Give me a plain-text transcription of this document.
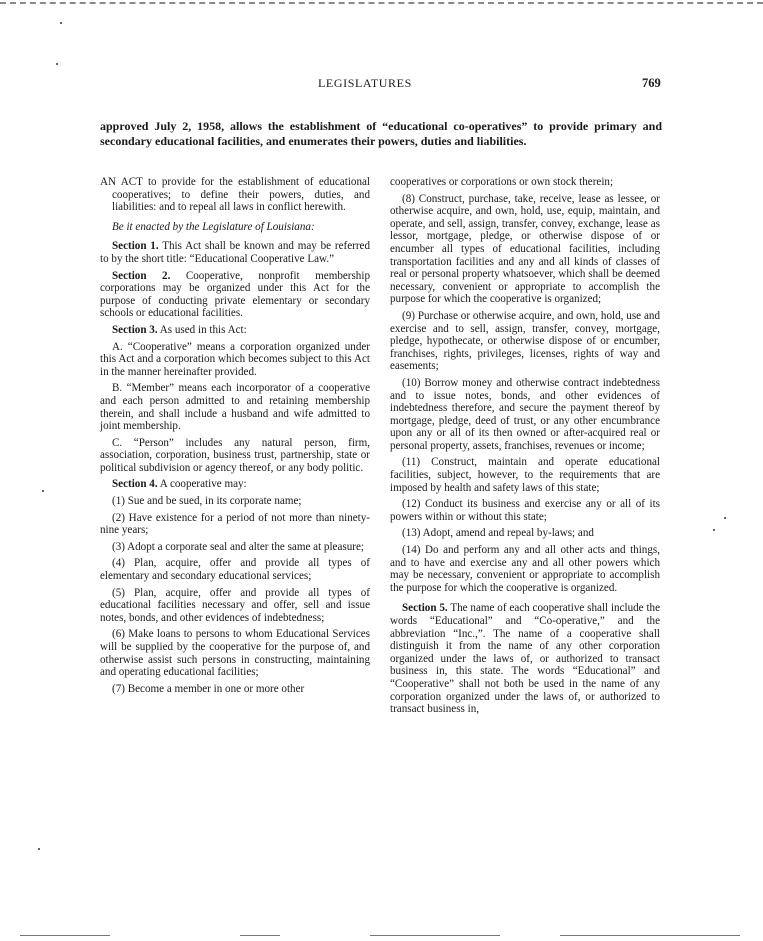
LEGISLATURES	769
approved July 2, 1958, allows the establishment of “educational co-operatives” to provide primary and secondary educational facilities, and enumerates their powers, duties and liabilities.

AN ACT to provide for the establishment of educational cooperatives; to define their powers, duties, and liabilities: and to repeal all laws in conflict herewith.

Be it enacted by the Legislature of Louisiana:

Section 1. This Act shall be known and may be referred to by the short title: “Educational Cooperative Law.”

Section 2. Cooperative, nonprofit membership corporations may be organized under this Act for the purpose of conducting private elementary or secondary schools or educational facilities.

Section 3. As used in this Act:

A. “Cooperative” means a corporation organized under this Act and a corporation which becomes subject to this Act in the manner hereinafter provided.

B. “Member” means each incorporator of a cooperative and each person admitted to and retaining membership therein, and shall include a husband and wife admitted to joint membership.

C. “Person” includes any natural person, firm, association, corporation, business trust, partnership, state or political subdivision or agency thereof, or any body politic.

Section 4. A cooperative may:

(1) Sue and be sued, in its corporate name;

(2) Have existence for a period of not more than ninety-nine years;

(3) Adopt a corporate seal and alter the same at pleasure;

(4) Plan, acquire, offer and provide all types of elementary and secondary educational services;

(5) Plan, acquire, offer and provide all types of educational facilities necessary and offer, sell and issue notes, bonds, and other evidences of indebtedness;

(6) Make loans to persons to whom Educational Services will be supplied by the cooperative for the purpose of, and otherwise assist such persons in constructing, maintaining and operating educational facilities;

(7) Become a member in one or more other

cooperatives or corporations or own stock therein;

(8) Construct, purchase, take, receive, lease as lessee, or otherwise acquire, and own, hold, use, equip, maintain, and operate, and sell, assign, transfer, convey, exchange, lease as lessor, mortgage, pledge, or otherwise dispose of or encumber all types of educational facilities, including transportation facilities and any and all kinds of classes of real or personal property whatsoever, which shall be deemed necessary, convenient or appropriate to accomplish the purpose for which the cooperative is organized;

(9) Purchase or otherwise acquire, and own, hold, use and exercise and to sell, assign, transfer, convey, mortgage, pledge, hypothecate, or otherwise dispose of or encumber, franchises, rights, privileges, licenses, rights of way and easements;

(10) Borrow money and otherwise contract indebtedness and to issue notes, bonds, and other evidences of indebtedness therefore, and secure the payment thereof by mortgage, pledge, deed of trust, or any other encumbrance upon any or all of its then owned or after-acquired real or personal property, assets, franchises, revenues or income;

(11) Construct, maintain and operate educational facilities, subject, however, to the requirements that are imposed by health and safety laws of this state;

(12) Conduct its business and exercise any or all of its powers within or without this state;

(13) Adopt, amend and repeal by-laws; and

(14) Do and perform any and all other acts and things, and to have and exercise any and all other powers which may be necessary, convenient or appropriate to accomplish the purpose for which the cooperative is organized.

Section 5. The name of each cooperative shall include the words “Educational” and “Co-operative,” and the abbreviation “Inc.,”. The name of a cooperative shall distinguish it from the name of any other corporation organized under the laws of, or authorized to transact business in, this state. The words “Educational” and “Cooperative” shall not both be used in the name of any corporation organized under the laws of, or authorized to transact business in,
